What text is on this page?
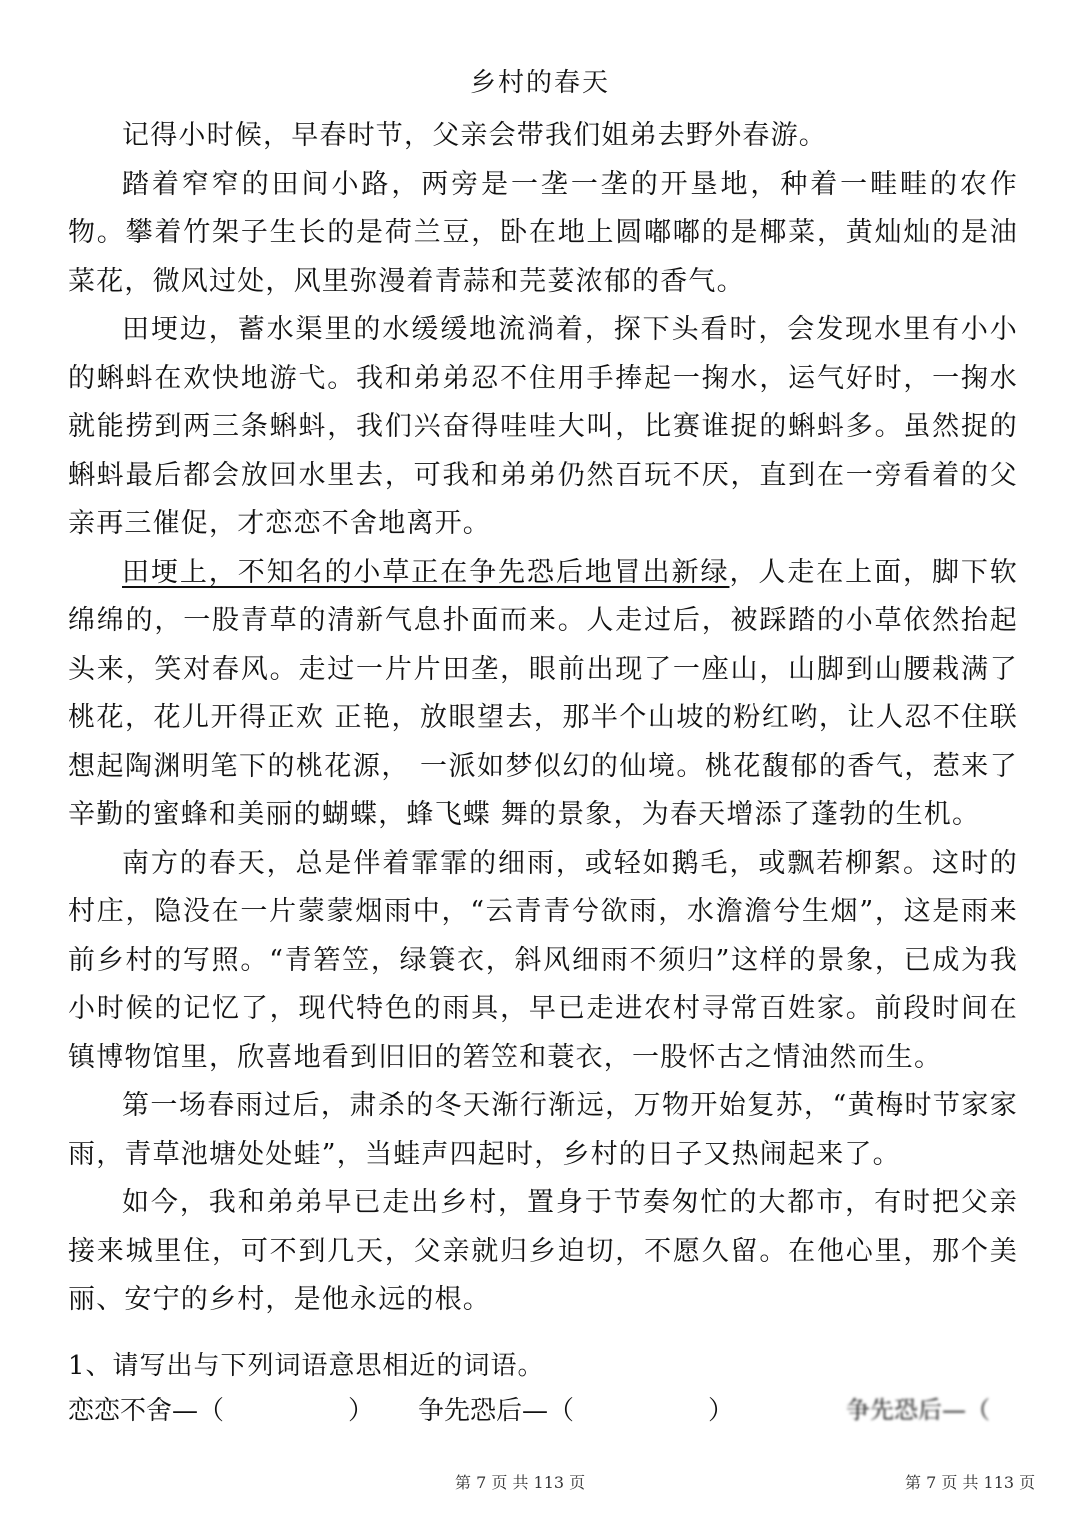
乡村的春天

记得小时候，早春时节，父亲会带我们姐弟去野外春游。

踏着窄窄的田间小路，两旁是一垄一垄的开垦地，种着一畦畦的农作物。攀着竹架子生长的是荷兰豆，卧在地上圆嘟嘟的是椰菜，黄灿灿的是油菜花，微风过处，风里弥漫着青蒜和芫荽浓郁的香气。

田埂边，蓄水渠里的水缓缓地流淌着，探下头看时，会发现水里有小小的蝌蚪在欢快地游弋。我和弟弟忍不住用手捧起一掬水，运气好时，一掬水就能捞到两三条蝌蚪，我们兴奋得哇哇大叫，比赛谁捉的蝌蚪多。虽然捉的蝌蚪最后都会放回水里去，可我和弟弟仍然百玩不厌，直到在一旁看着的父亲再三催促，才恋恋不舍地离开。

田埂上，不知名的小草正在争先恐后地冒出新绿，人走在上面，脚下软绵绵的，一股青草的清新气息扑面而来。人走过后，被踩踏的小草依然抬起头来，笑对春风。走过一片片田垄，眼前出现了一座山，山脚到山腰栽满了桃花，花儿开得正欢 正艳，放眼望去，那半个山坡的粉红哟，让人忍不住联想起陶渊明笔下的桃花源， 一派如梦似幻的仙境。桃花馥郁的香气，惹来了辛勤的蜜蜂和美丽的蝴蝶，蜂飞蝶 舞的景象，为春天增添了蓬勃的生机。

南方的春天，总是伴着霏霏的细雨，或轻如鹅毛，或飘若柳絮。这时的村庄，隐没在一片蒙蒙烟雨中，“云青青兮欲雨，水澹澹兮生烟”，这是雨来前乡村的写照。“青箬笠，绿簑衣，斜风细雨不须归”这样的景象，已成为我小时候的记忆了，现代特色的雨具，早已走进农村寻常百姓家。前段时间在镇博物馆里，欣喜地看到旧旧的箬笠和蓑衣，一股怀古之情油然而生。

第一场春雨过后，肃杀的冬天渐行渐远，万物开始复苏，“黄梅时节家家雨，青草池塘处处蛙”，当蛙声四起时，乡村的日子又热闹起来了。

如今，我和弟弟早已走出乡村，置身于节奏匆忙的大都市，有时把父亲接来城里住，可不到几天，父亲就归乡迫切，不愿久留。在他心里，那个美丽、安宁的乡村，是他永远的根。

1、请写出与下列词语意思相近的词语。
恋恋不舍—（	） 争先恐后—（	）	争先恐后—（
第 7 页 共 113 页	第 7 页 共 113 页
